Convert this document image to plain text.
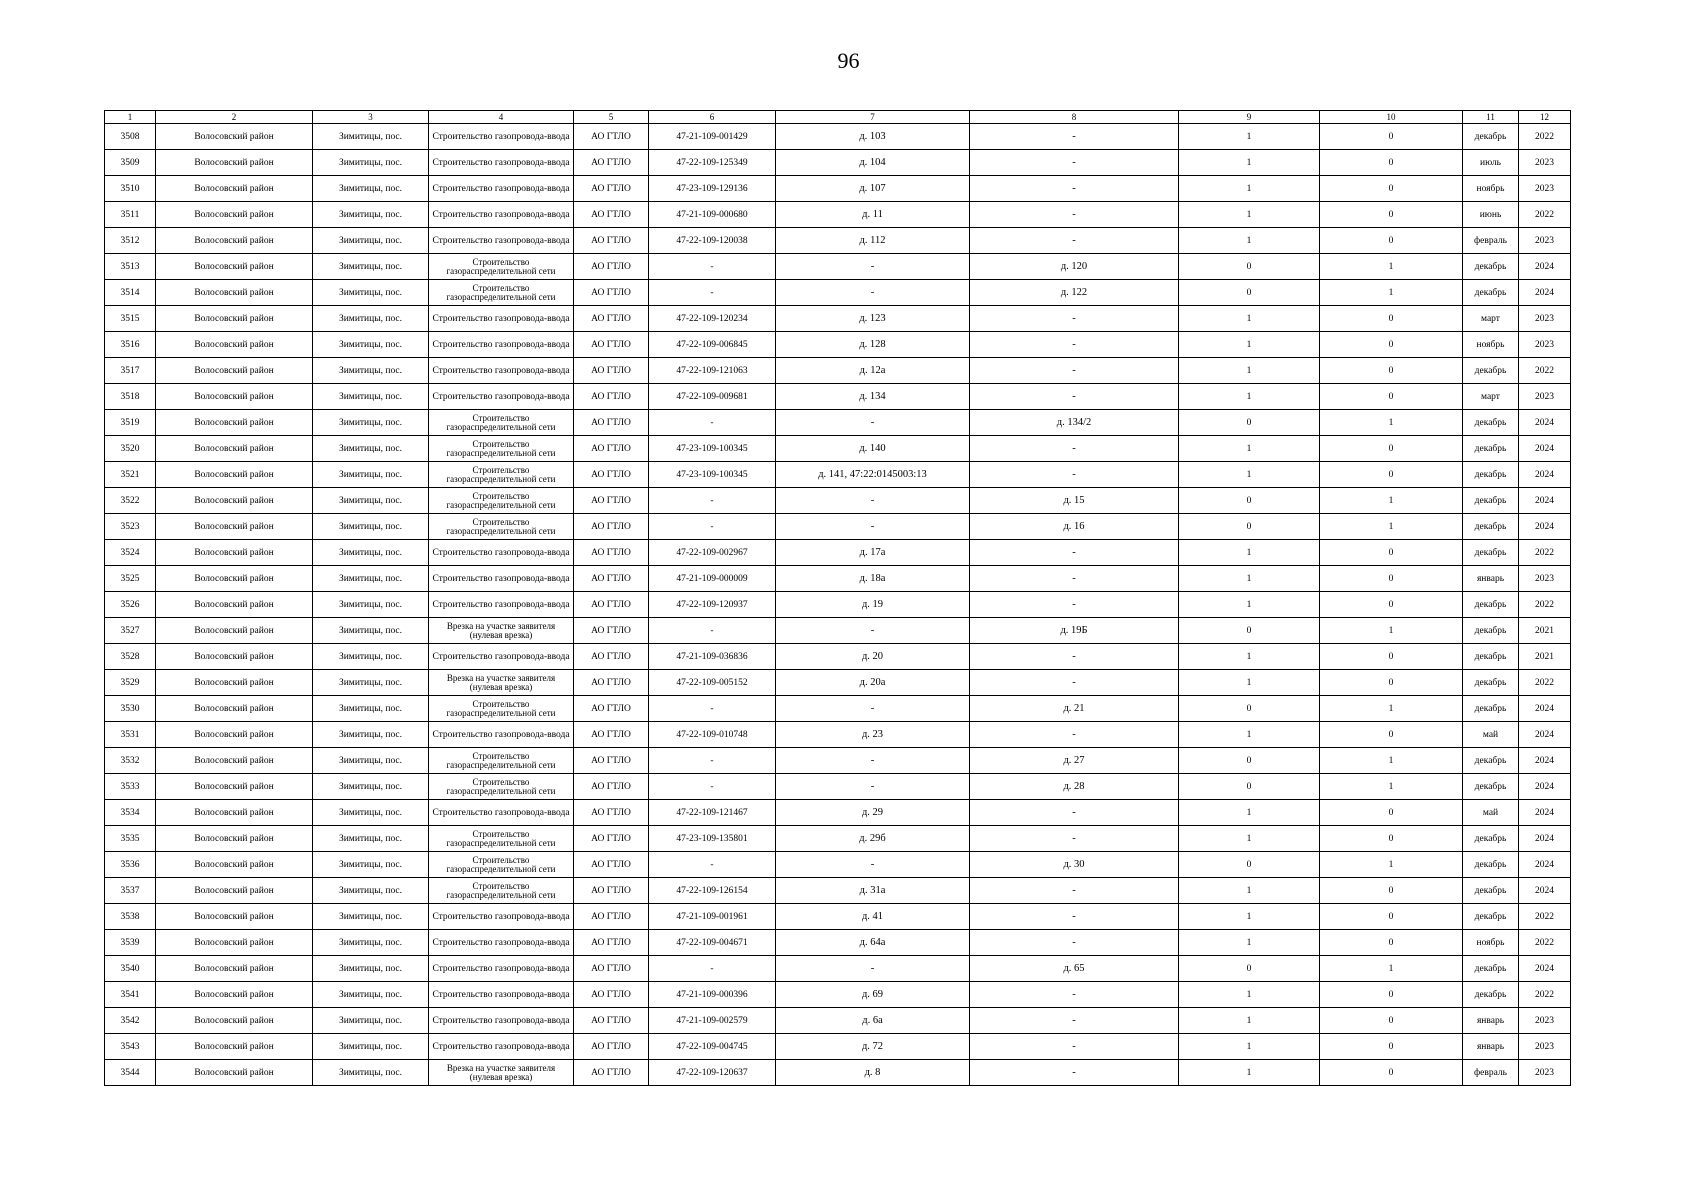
96
1	2	3	4	5	6	7	8	9	10	11	12
3508	Волосовский район	Зимитицы, пос.	Строительство газопровода-ввода	АО ГТЛО	47-21-109-001429	д. 103	-	1	0	декабрь	2022
3509	Волосовский район	Зимитицы, пос.	Строительство газопровода-ввода	АО ГТЛО	47-22-109-125349	д. 104	-	1	0	июль	2023
3510	Волосовский район	Зимитицы, пос.	Строительство газопровода-ввода	АО ГТЛО	47-23-109-129136	д. 107	-	1	0	ноябрь	2023
3511	Волосовский район	Зимитицы, пос.	Строительство газопровода-ввода	АО ГТЛО	47-21-109-000680	д. 11	-	1	0	июнь	2022
3512	Волосовский район	Зимитицы, пос.	Строительство газопровода-ввода	АО ГТЛО	47-22-109-120038	д. 112	-	1	0	февраль	2023
3513	Волосовский район	Зимитицы, пос.	Строительство газораспределительной сети	АО ГТЛО	-	-	д. 120	0	1	декабрь	2024
3514	Волосовский район	Зимитицы, пос.	Строительство газораспределительной сети	АО ГТЛО	-	-	д. 122	0	1	декабрь	2024
3515	Волосовский район	Зимитицы, пос.	Строительство газопровода-ввода	АО ГТЛО	47-22-109-120234	д. 123	-	1	0	март	2023
3516	Волосовский район	Зимитицы, пос.	Строительство газопровода-ввода	АО ГТЛО	47-22-109-006845	д. 128	-	1	0	ноябрь	2023
3517	Волосовский район	Зимитицы, пос.	Строительство газопровода-ввода	АО ГТЛО	47-22-109-121063	д. 12а	-	1	0	декабрь	2022
3518	Волосовский район	Зимитицы, пос.	Строительство газопровода-ввода	АО ГТЛО	47-22-109-009681	д. 134	-	1	0	март	2023
3519	Волосовский район	Зимитицы, пос.	Строительство газораспределительной сети	АО ГТЛО	-	-	д. 134/2	0	1	декабрь	2024
3520	Волосовский район	Зимитицы, пос.	Строительство газораспределительной сети	АО ГТЛО	47-23-109-100345	д. 140	-	1	0	декабрь	2024
3521	Волосовский район	Зимитицы, пос.	Строительство газораспределительной сети	АО ГТЛО	47-23-109-100345	д. 141, 47:22:0145003:13	-	1	0	декабрь	2024
3522	Волосовский район	Зимитицы, пос.	Строительство газораспределительной сети	АО ГТЛО	-	-	д. 15	0	1	декабрь	2024
3523	Волосовский район	Зимитицы, пос.	Строительство газораспределительной сети	АО ГТЛО	-	-	д. 16	0	1	декабрь	2024
3524	Волосовский район	Зимитицы, пос.	Строительство газопровода-ввода	АО ГТЛО	47-22-109-002967	д. 17а	-	1	0	декабрь	2022
3525	Волосовский район	Зимитицы, пос.	Строительство газопровода-ввода	АО ГТЛО	47-21-109-000009	д. 18а	-	1	0	январь	2023
3526	Волосовский район	Зимитицы, пос.	Строительство газопровода-ввода	АО ГТЛО	47-22-109-120937	д. 19	-	1	0	декабрь	2022
3527	Волосовский район	Зимитицы, пос.	Врезка на участке заявителя (нулевая врезка)	АО ГТЛО	-	-	д. 19Б	0	1	декабрь	2021
3528	Волосовский район	Зимитицы, пос.	Строительство газопровода-ввода	АО ГТЛО	47-21-109-036836	д. 20	-	1	0	декабрь	2021
3529	Волосовский район	Зимитицы, пос.	Врезка на участке заявителя (нулевая врезка)	АО ГТЛО	47-22-109-005152	д. 20а	-	1	0	декабрь	2022
3530	Волосовский район	Зимитицы, пос.	Строительство газораспределительной сети	АО ГТЛО	-	-	д. 21	0	1	декабрь	2024
3531	Волосовский район	Зимитицы, пос.	Строительство газопровода-ввода	АО ГТЛО	47-22-109-010748	д. 23	-	1	0	май	2024
3532	Волосовский район	Зимитицы, пос.	Строительство газораспределительной сети	АО ГТЛО	-	-	д. 27	0	1	декабрь	2024
3533	Волосовский район	Зимитицы, пос.	Строительство газораспределительной сети	АО ГТЛО	-	-	д. 28	0	1	декабрь	2024
3534	Волосовский район	Зимитицы, пос.	Строительство газопровода-ввода	АО ГТЛО	47-22-109-121467	д. 29	-	1	0	май	2024
3535	Волосовский район	Зимитицы, пос.	Строительство газораспределительной сети	АО ГТЛО	47-23-109-135801	д. 29б	-	1	0	декабрь	2024
3536	Волосовский район	Зимитицы, пос.	Строительство газораспределительной сети	АО ГТЛО	-	-	д. 30	0	1	декабрь	2024
3537	Волосовский район	Зимитицы, пос.	Строительство газораспределительной сети	АО ГТЛО	47-22-109-126154	д. 31а	-	1	0	декабрь	2024
3538	Волосовский район	Зимитицы, пос.	Строительство газопровода-ввода	АО ГТЛО	47-21-109-001961	д. 41	-	1	0	декабрь	2022
3539	Волосовский район	Зимитицы, пос.	Строительство газопровода-ввода	АО ГТЛО	47-22-109-004671	д. 64а	-	1	0	ноябрь	2022
3540	Волосовский район	Зимитицы, пос.	Строительство газопровода-ввода	АО ГТЛО	-	-	д. 65	0	1	декабрь	2024
3541	Волосовский район	Зимитицы, пос.	Строительство газопровода-ввода	АО ГТЛО	47-21-109-000396	д. 69	-	1	0	декабрь	2022
3542	Волосовский район	Зимитицы, пос.	Строительство газопровода-ввода	АО ГТЛО	47-21-109-002579	д. 6а	-	1	0	январь	2023
3543	Волосовский район	Зимитицы, пос.	Строительство газопровода-ввода	АО ГТЛО	47-22-109-004745	д. 72	-	1	0	январь	2023
3544	Волосовский район	Зимитицы, пос.	Врезка на участке заявителя (нулевая врезка)	АО ГТЛО	47-22-109-120637	д. 8	-	1	0	февраль	2023
